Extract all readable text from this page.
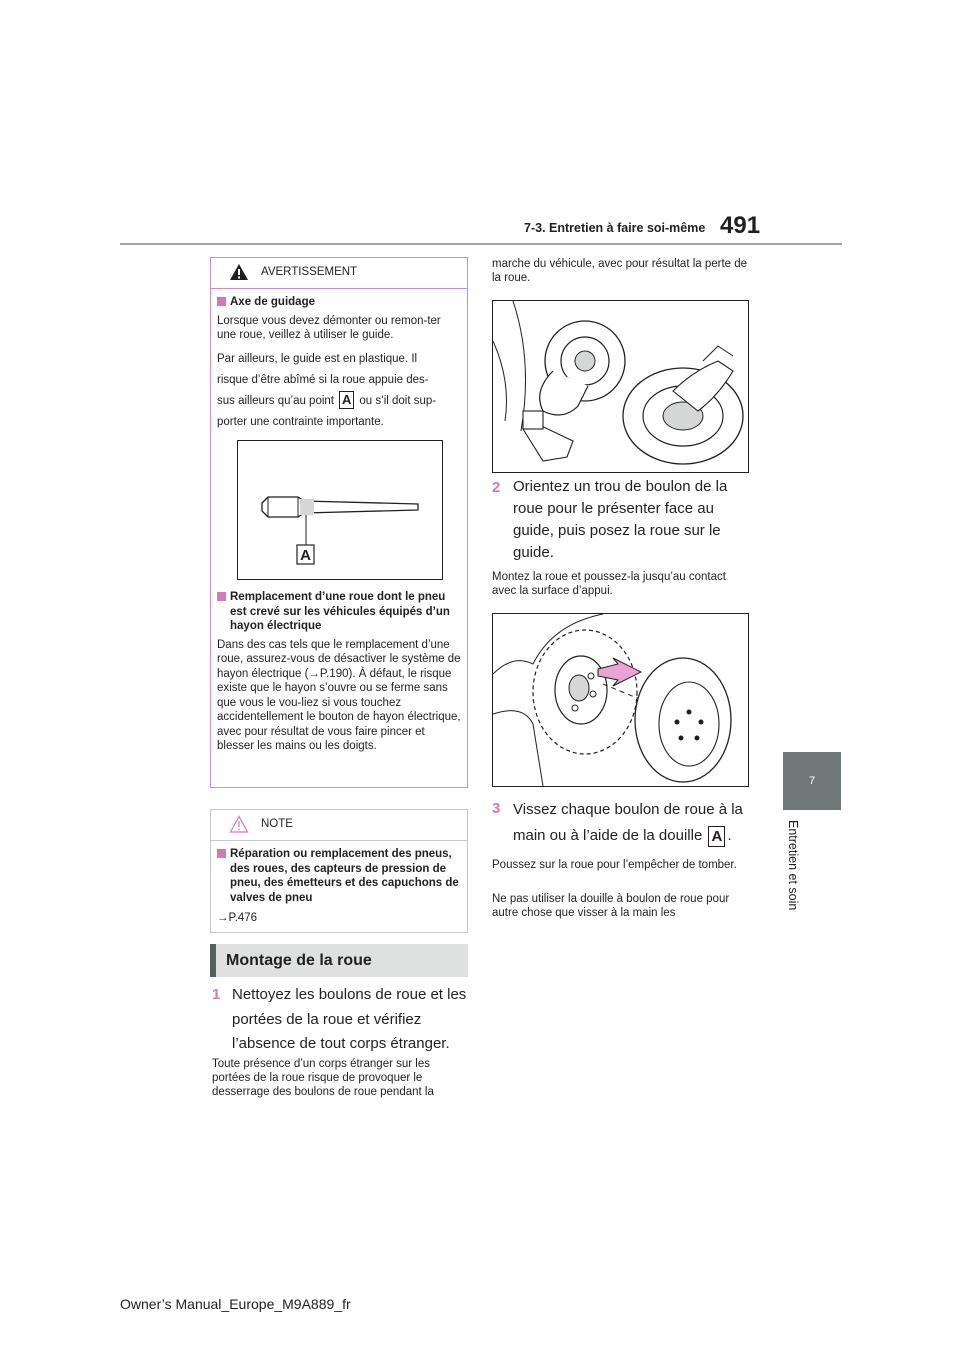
491
7-3. Entretien à faire soi-même
7
Entretien et soin
AVERTISSEMENT
Axe de guidage

Lorsque vous devez démonter ou remon-ter une roue, veillez à utiliser le guide.

Par ailleurs, le guide est en plastique. Il
risque d’être abîmé si la roue appuie des-
sus ailleurs qu’au point A ou s’il doit sup-
porter une contrainte importante.
A
Remplacement d’une roue dont le pneu est crevé sur les véhicules équipés d’un hayon électrique

Dans des cas tels que le remplacement d’une roue, assurez-vous de désactiver le système de hayon électrique (→P.190). À défaut, le risque existe que le hayon s’ouvre ou se ferme sans que vous le vou-liez si vous touchez accidentellement le bouton de hayon électrique, avec pour résultat de vous faire pincer et blesser les mains ou les doigts.

NOTE
Réparation ou remplacement des pneus, des roues, des capteurs de pression de pneu, des émetteurs et des capuchons de valves de pneu

→P.476

Montage de la roue
1 Nettoyez les boulons de roue et les portées de la roue et vérifiez l’absence de tout corps étranger.
Toute présence d’un corps étranger sur les portées de la roue risque de provoquer le desserrage des boulons de roue pendant la
marche du véhicule, avec pour résultat la perte de la roue.
2 Orientez un trou de boulon de la roue pour le présenter face au guide, puis posez la roue sur le guide.
Montez la roue et poussez-la jusqu’au contact avec la surface d’appui.
3 Vissez chaque boulon de roue à la main ou à l’aide de la douille A .
Poussez sur la roue pour l’empêcher de tomber.
Ne pas utiliser la douille à boulon de roue pour autre chose que visser à la main les
Owner’s Manual_Europe_M9A889_fr
